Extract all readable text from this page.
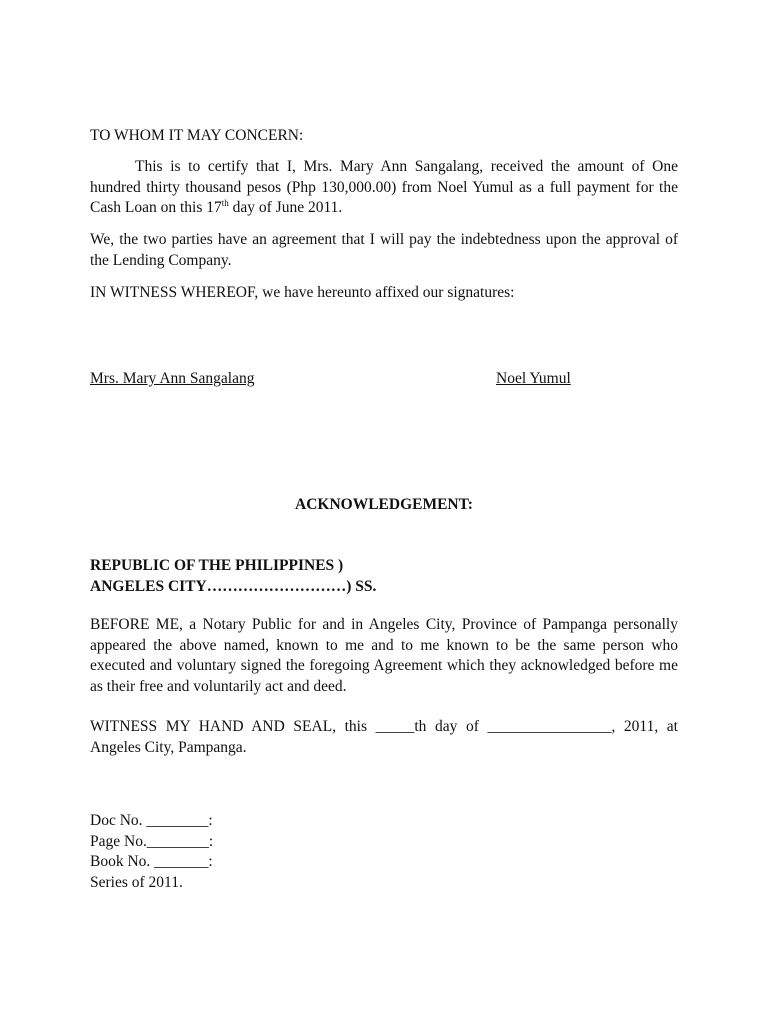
TO WHOM IT MAY CONCERN:
This is to certify that I, Mrs. Mary Ann Sangalang, received the amount of One hundred thirty thousand pesos (Php 130,000.00) from Noel Yumul as a full payment for the Cash Loan on this 17th day of June 2011.
We, the two parties have an agreement that I will pay the indebtedness upon the approval of the Lending Company.
IN WITNESS WHEREOF, we have hereunto affixed our signatures:
Mrs. Mary Ann Sangalang	Noel Yumul
ACKNOWLEDGEMENT:
REPUBLIC OF THE PHILIPPINES )
ANGELES CITY………………………) SS.
BEFORE ME, a Notary Public for and in Angeles City, Province of Pampanga personally appeared the above named, known to me and to me known to be the same person who executed and voluntary signed the foregoing Agreement which they acknowledged before me as their free and voluntarily act and deed.
WITNESS MY HAND AND SEAL, this _____th day of ________________, 2011, at Angeles City, Pampanga.
Doc No. ________:
Page No.________:
Book No. _______:
Series of 2011.
